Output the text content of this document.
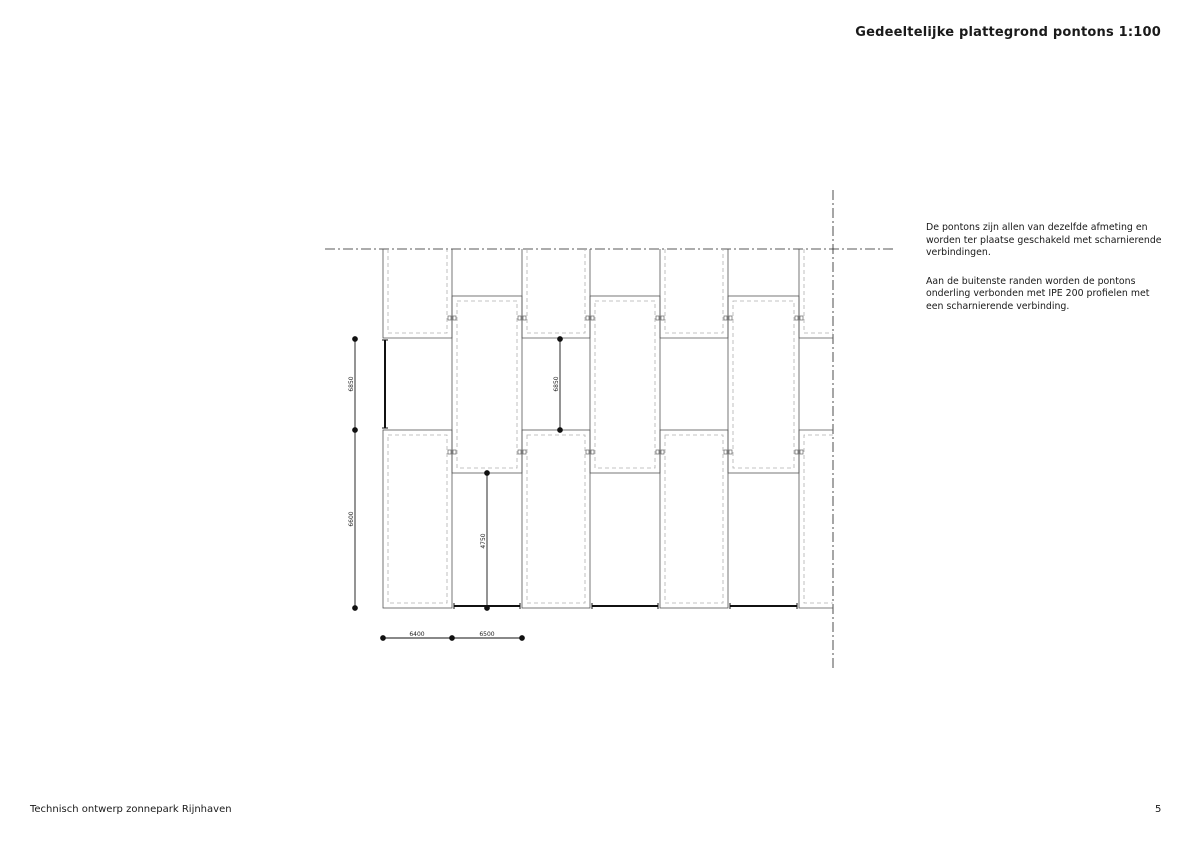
Gedeeltelijke plattegrond pontons 1:100
6850
6600
6850
4750
6400	6500

De pontons zijn allen van dezelfde afmeting en worden ter plaatse geschakeld met scharnierende verbindingen.

Aan de buitenste randen worden de pontons onderling verbonden met IPE 200 profielen met een scharnierende verbinding.

Technisch ontwerp zonnepark Rijnhaven	5
